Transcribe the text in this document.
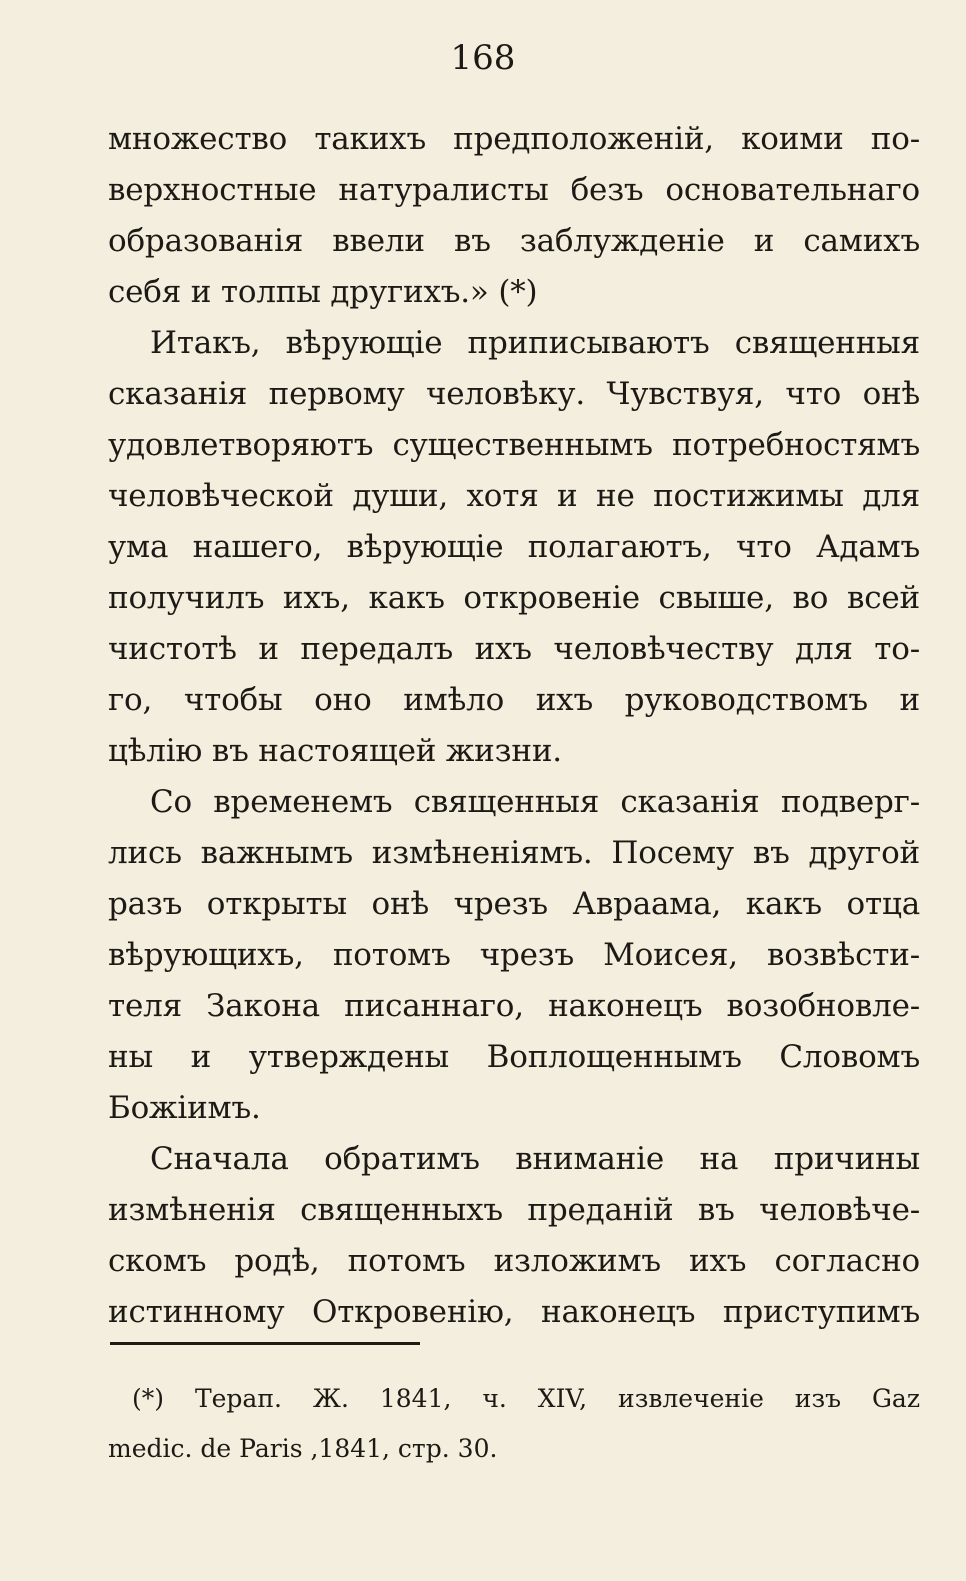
168
множество такихъ предположеній, коими по-
верхностные натуралисты безъ основательнаго
образованія ввели въ заблужденіе и самихъ
себя и толпы другихъ.» (*)
Итакъ, вѣрующіе приписываютъ священныя
сказанія первому человѣку. Чувствуя, что онѣ
удовлетворяютъ существеннымъ потребностямъ
человѣческой души, хотя и не постижимы для
ума нашего, вѣрующіе полагаютъ, что Адамъ
получилъ ихъ, какъ откровеніе свыше, во всей
чистотѣ и передалъ ихъ человѣчеству для то-
го, чтобы оно имѣло ихъ руководствомъ и
цѣлію въ настоящей жизни.
Со временемъ священныя сказанія подверг-
лись важнымъ измѣненіямъ. Посему въ другой
разъ открыты онѣ чрезъ Авраама, какъ отца
вѣрующихъ, потомъ чрезъ Моисея, возвѣсти-
теля Закона писаннаго, наконецъ возобновле-
ны и утверждены Воплощеннымъ Словомъ
Божіимъ.
Сначала обратимъ вниманіе на причины
измѣненія священныхъ преданій въ человѣче-
скомъ родѣ, потомъ изложимъ ихъ согласно
истинному Откровенію, наконецъ приступимъ
(*) Терап. Ж. 1841, ч. XIV, извлеченіе изъ Gaz
medic. de Paris ,1841, стр. 30.
